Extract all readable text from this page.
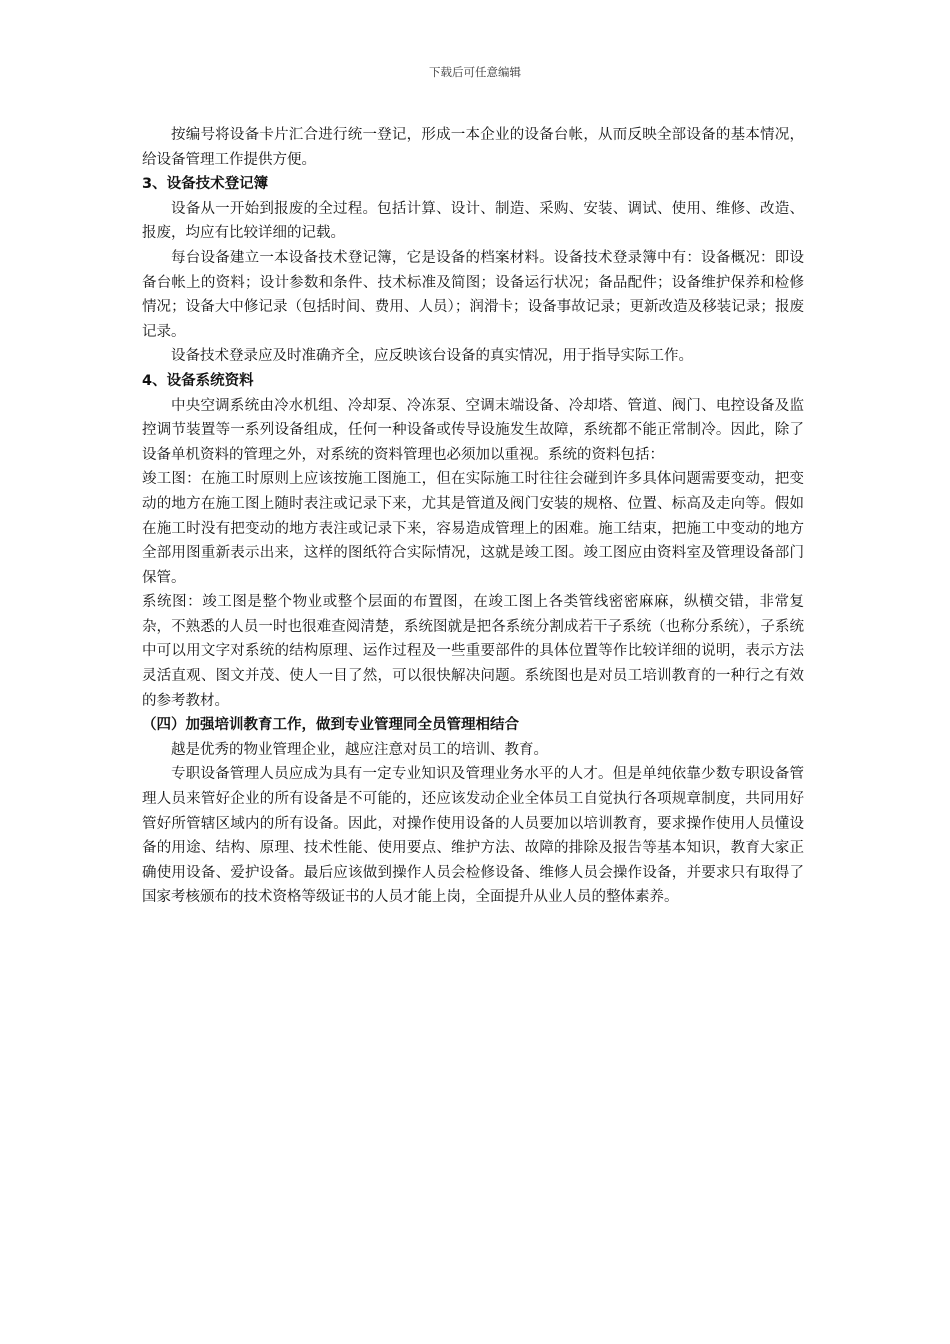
下载后可任意编辑

按编号将设备卡片汇合进行统一登记，形成一本企业的设备台帐，从而反映全部设备的基本情况，给设备管理工作提供方便。

3、设备技术登记簿

设备从一开始到报废的全过程。包括计算、设计、制造、采购、安装、调试、使用、维修、改造、报废，均应有比较详细的记载。

每台设备建立一本设备技术登记簿，它是设备的档案材料。设备技术登录簿中有：设备概况：即设备台帐上的资料；设计参数和条件、技术标准及简图；设备运行状况；备品配件；设备维护保养和检修情况；设备大中修记录（包括时间、费用、人员）；润滑卡；设备事故记录；更新改造及移装记录；报废记录。

设备技术登录应及时准确齐全，应反映该台设备的真实情况，用于指导实际工作。

4、设备系统资料

中央空调系统由冷水机组、冷却泵、冷冻泵、空调末端设备、冷却塔、管道、阀门、电控设备及监控调节装置等一系列设备组成，任何一种设备或传导设施发生故障，系统都不能正常制冷。因此，除了设备单机资料的管理之外，对系统的资料管理也必须加以重视。系统的资料包括：

竣工图：在施工时原则上应该按施工图施工，但在实际施工时往往会碰到许多具体问题需要变动，把变动的地方在施工图上随时表注或记录下来，尤其是管道及阀门安装的规格、位置、标高及走向等。假如在施工时没有把变动的地方表注或记录下来，容易造成管理上的困难。施工结束，把施工中变动的地方全部用图重新表示出来，这样的图纸符合实际情况，这就是竣工图。竣工图应由资料室及管理设备部门保管。

系统图：竣工图是整个物业或整个层面的布置图，在竣工图上各类管线密密麻麻，纵横交错，非常复杂，不熟悉的人员一时也很难查阅清楚，系统图就是把各系统分割成若干子系统（也称分系统），子系统中可以用文字对系统的结构原理、运作过程及一些重要部件的具体位置等作比较详细的说明，表示方法灵活直观、图文并茂、使人一目了然，可以很快解决问题。系统图也是对员工培训教育的一种行之有效的参考教材。

（四）加强培训教育工作，做到专业管理同全员管理相结合

越是优秀的物业管理企业，越应注意对员工的培训、教育。

专职设备管理人员应成为具有一定专业知识及管理业务水平的人才。但是单纯依靠少数专职设备管理人员来管好企业的所有设备是不可能的，还应该发动企业全体员工自觉执行各项规章制度，共同用好管好所管辖区域内的所有设备。因此，对操作使用设备的人员要加以培训教育，要求操作使用人员懂设备的用途、结构、原理、技术性能、使用要点、维护方法、故障的排除及报告等基本知识，教育大家正确使用设备、爱护设备。最后应该做到操作人员会检修设备、维修人员会操作设备，并要求只有取得了国家考核颁布的技术资格等级证书的人员才能上岗，全面提升从业人员的整体素养。
